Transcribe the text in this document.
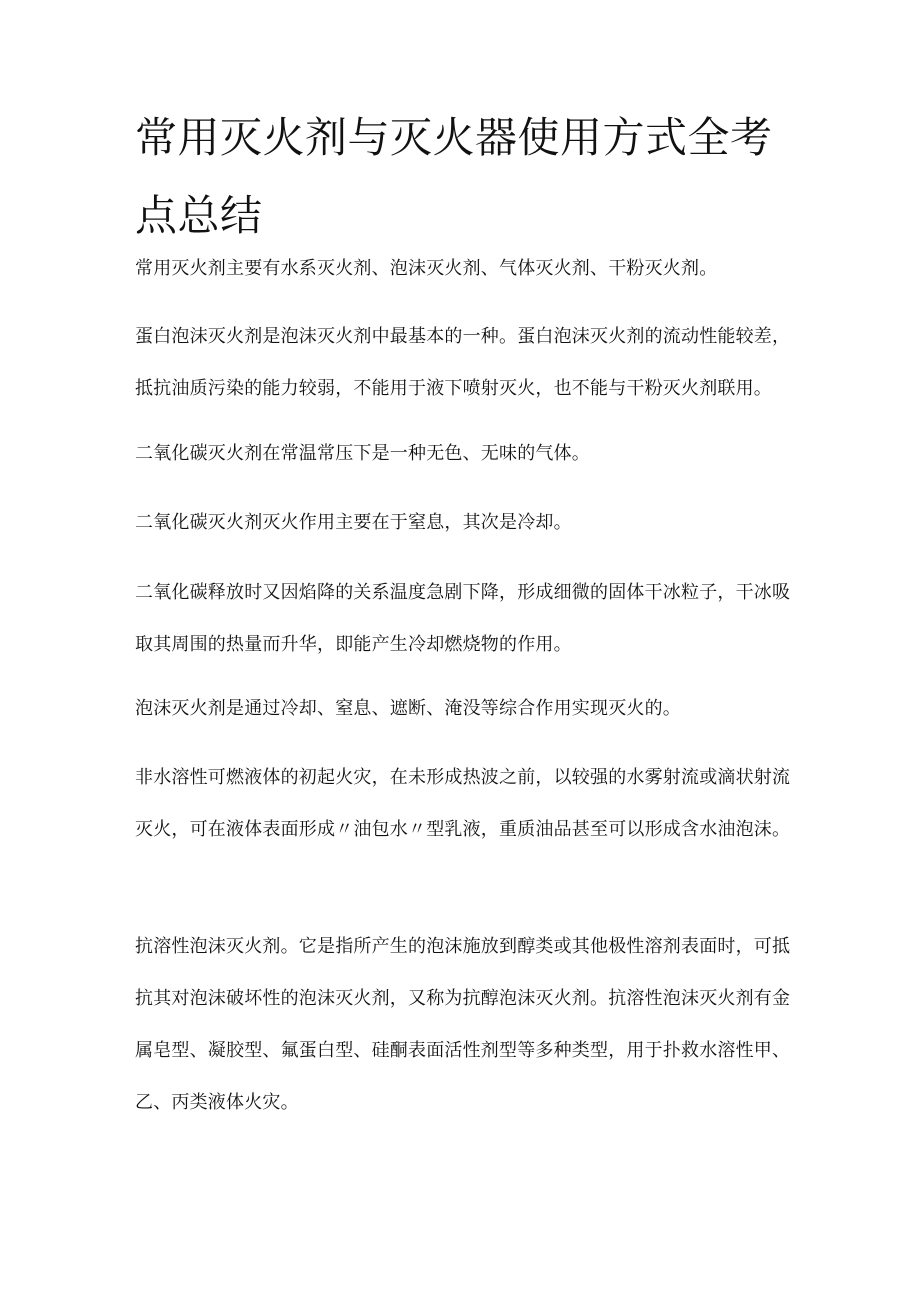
常用灭火剂与灭火器使用方式全考点总结

常用灭火剂主要有水系灭火剂、泡沫灭火剂、气体灭火剂、干粉灭火剂。

蛋白泡沫灭火剂是泡沫灭火剂中最基本的一种。蛋白泡沫灭火剂的流动性能较差，抵抗油质污染的能力较弱，不能用于液下喷射灭火，也不能与干粉灭火剂联用。

二氧化碳灭火剂在常温常压下是一种无色、无味的气体。

二氧化碳灭火剂灭火作用主要在于窒息，其次是冷却。

二氧化碳释放时又因焰降的关系温度急剧下降，形成细微的固体干冰粒子，干冰吸取其周围的热量而升华，即能产生冷却燃烧物的作用。

泡沫灭火剂是通过冷却、窒息、遮断、淹没等综合作用实现灭火的。

非水溶性可燃液体的初起火灾，在未形成热波之前，以较强的水雾射流或滴状射流灭火，可在液体表面形成〃油包水〃型乳液，重质油品甚至可以形成含水油泡沫。

抗溶性泡沫灭火剂。它是指所产生的泡沫施放到醇类或其他极性溶剂表面时，可抵抗其对泡沫破坏性的泡沫灭火剂，又称为抗醇泡沫灭火剂。抗溶性泡沫灭火剂有金属皂型、凝胶型、氟蛋白型、硅酮表面活性剂型等多种类型，用于扑救水溶性甲、乙、丙类液体火灾。
